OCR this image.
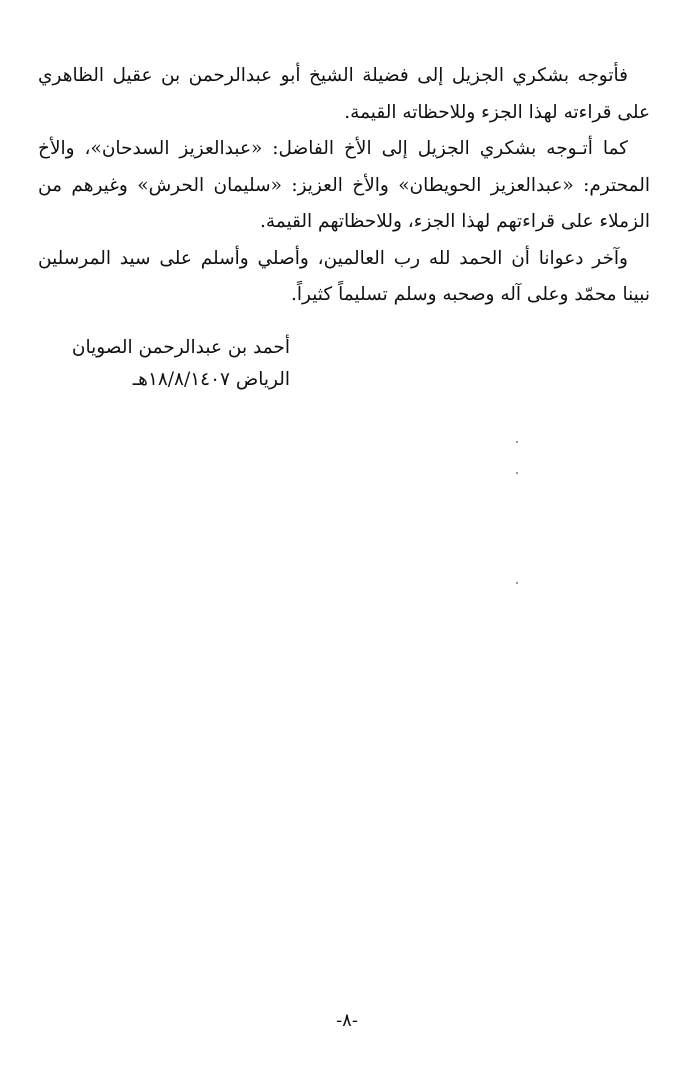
فأتوجه بشكري الجزيل إلى فضيلة الشيخ أبو عبدالرحمن بن عقيل الظاهري على قراءته لهذا الجزء وللاحظاته القيمة.

كما أتـوجه بشكري الجزيل إلى الأخ الفاضل: «عبدالعزيز السدحان»، والأخ المحترم: «عبدالعزيز الحويطان» والأخ العزيز: «سليمان الحرش» وغيرهم من الزملاء على قراءتهم لهذا الجزء، وللاحظاتهم القيمة.

وآخر دعوانا أن الحمد لله رب العالمين، وأصلي وأسلم على سيد المرسلين نبينا محمّد وعلى آله وصحبه وسلم تسليماً كثيراً.

أحمد بن عبدالرحمن الصويان
الرياض ١٨/٨/١٤٠٧هـ
-٨-
